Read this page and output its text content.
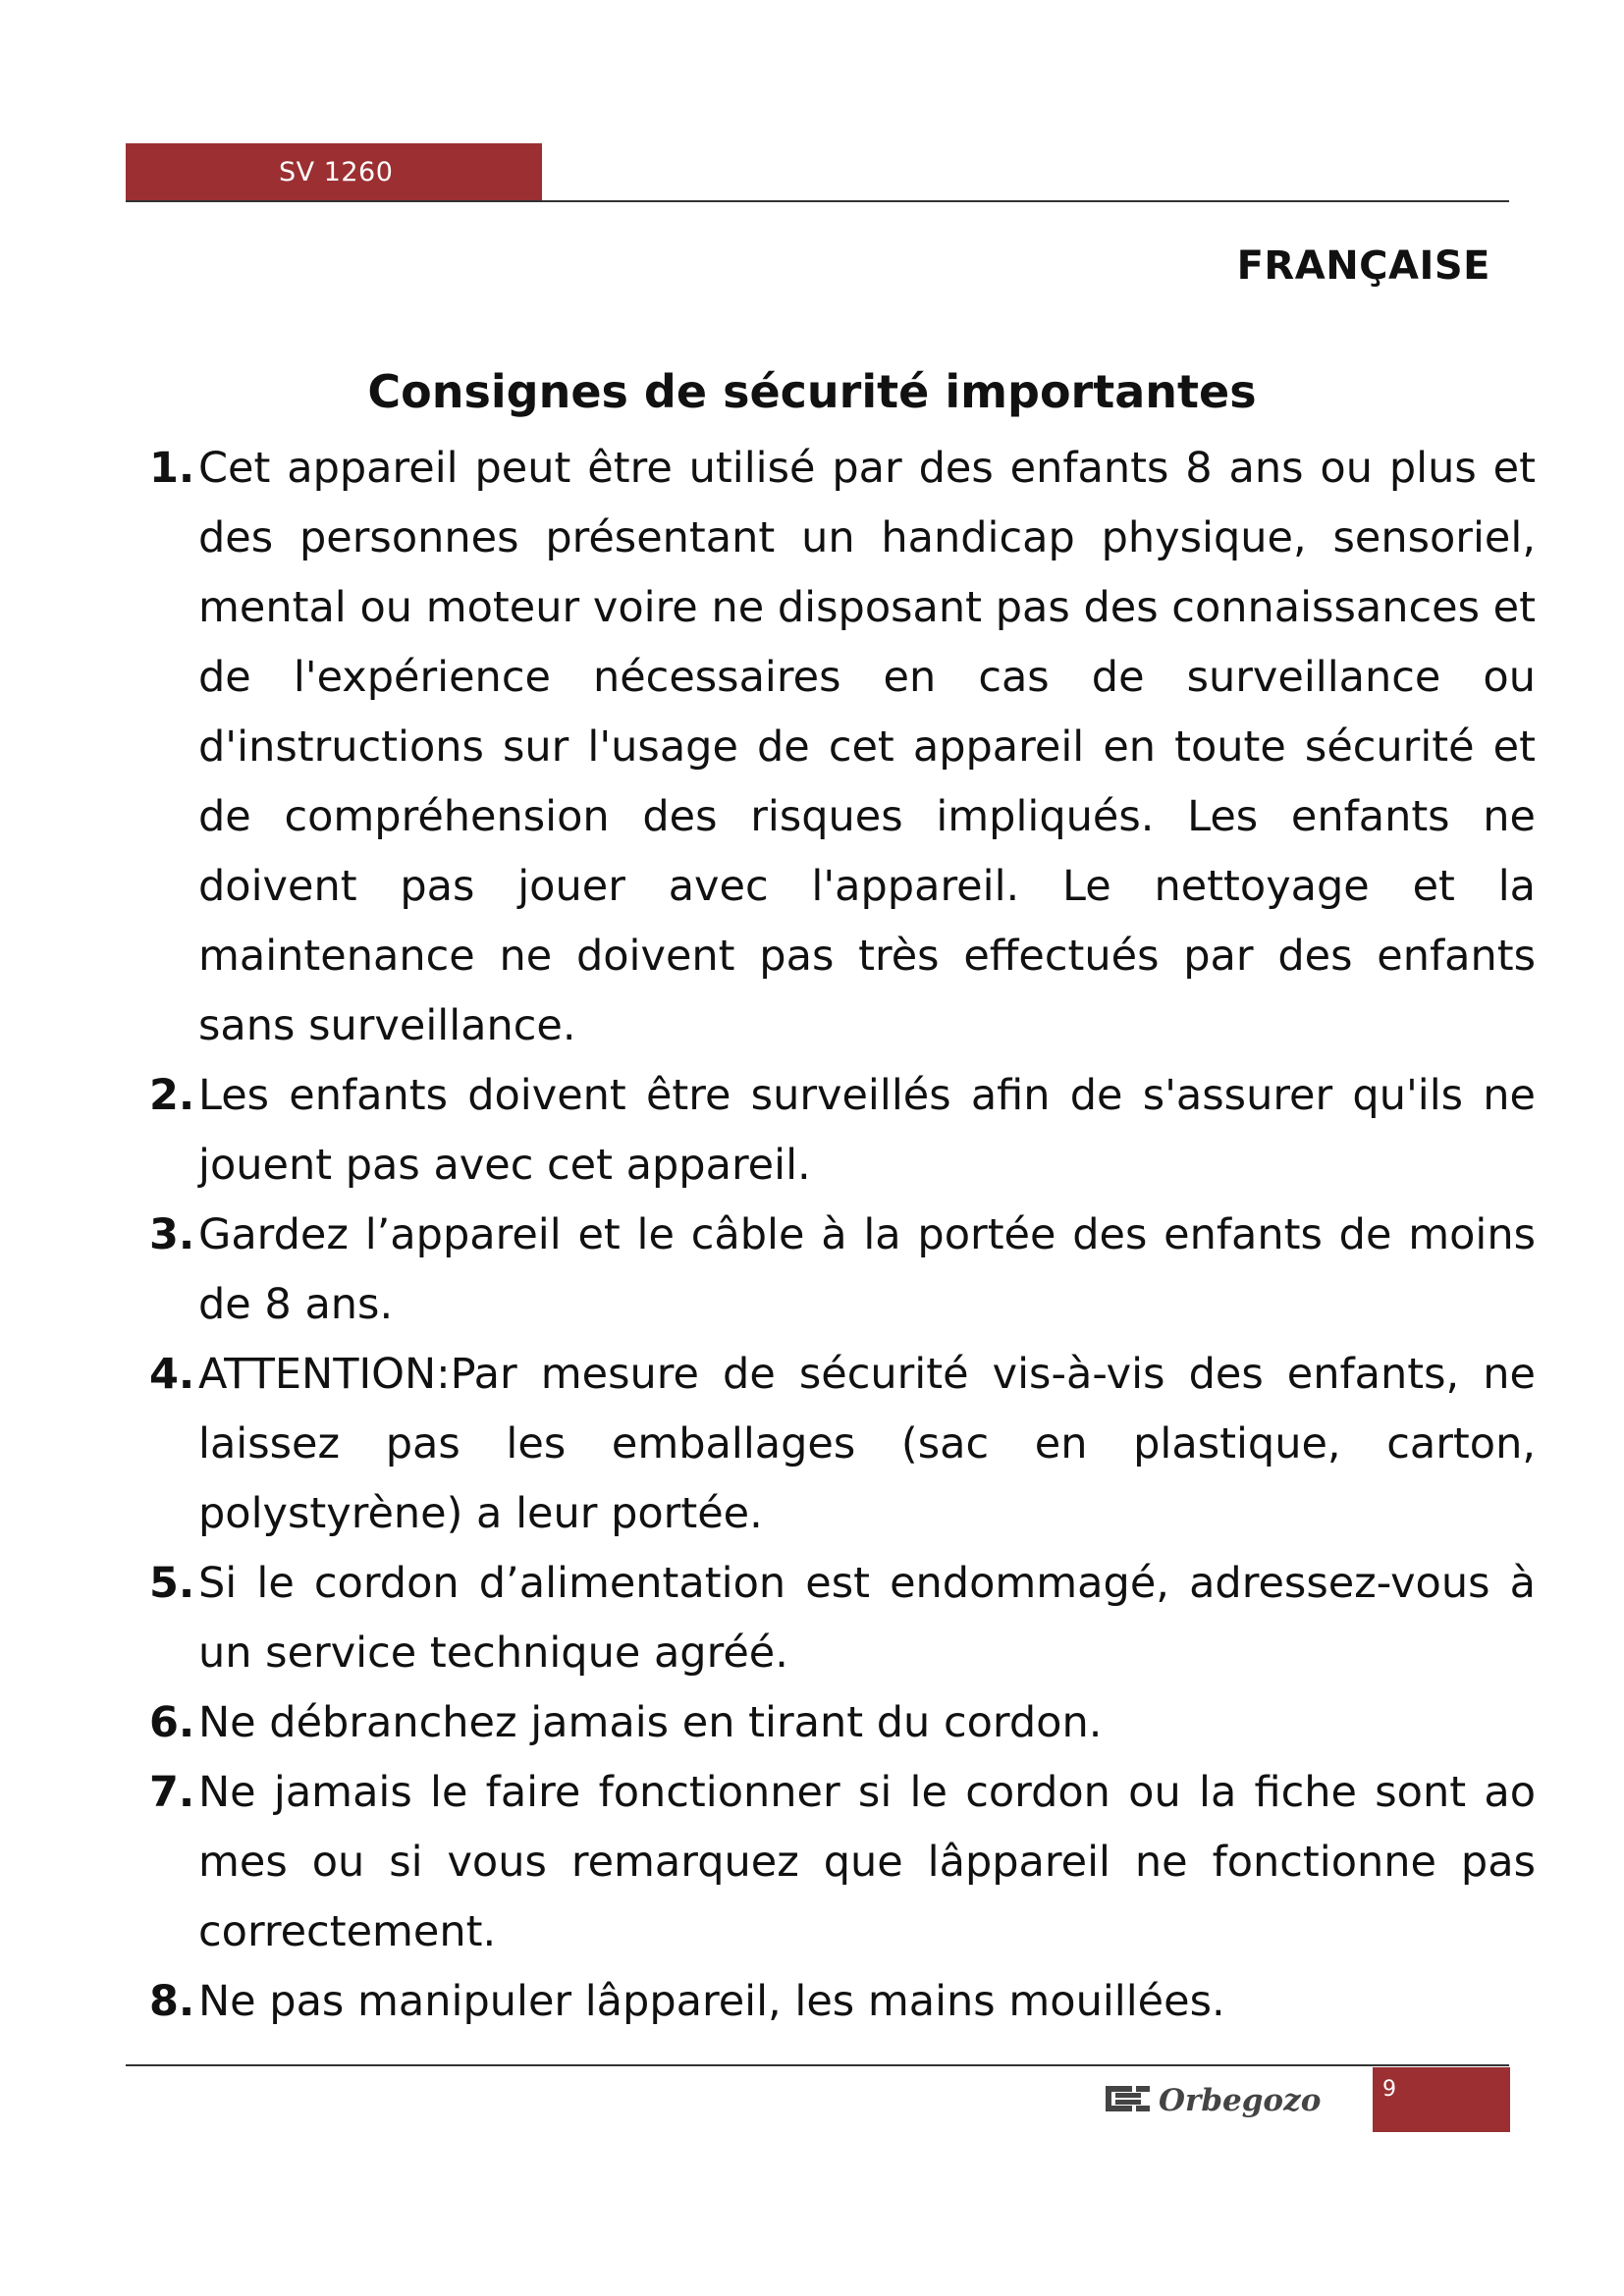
SV 1260
FRANÇAISE
Consignes de sécurité importantes
1. Cet appareil peut être utilisé par des enfants 8 ans ou plus et des personnes présentant un handicap physique, sensoriel, mental ou moteur voire ne disposant pas des connaissances et de l'expérience nécessaires en cas de surveillance ou d'instructions sur l'usage de cet appareil en toute sécurité et de compréhension des risques impliqués. Les enfants ne doivent pas jouer avec l'appareil. Le nettoyage et la maintenance ne doivent pas très effectués par des enfants sans surveillance.
2. Les enfants doivent être surveillés afin de s'assurer qu'ils ne jouent pas avec cet appareil.
3. Gardez l’appareil et le câble à la portée des enfants de moins de 8 ans.
4. ATTENTION:Par mesure de sécurité vis-à-vis des enfants, ne laissez pas les emballages (sac en plastique, carton, polystyrène) a leur portée.
5. Si le cordon d’alimentation est endommagé, adressez-vous à un service technique agréé.
6. Ne débranchez jamais en tirant du cordon.
7. Ne jamais le faire fonctionner si le cordon ou la fiche sont ao mes ou si vous remarquez que lâppareil ne fonctionne pas correctement.
8. Ne pas manipuler lâppareil, les mains mouillées.
Orbegozo	9
